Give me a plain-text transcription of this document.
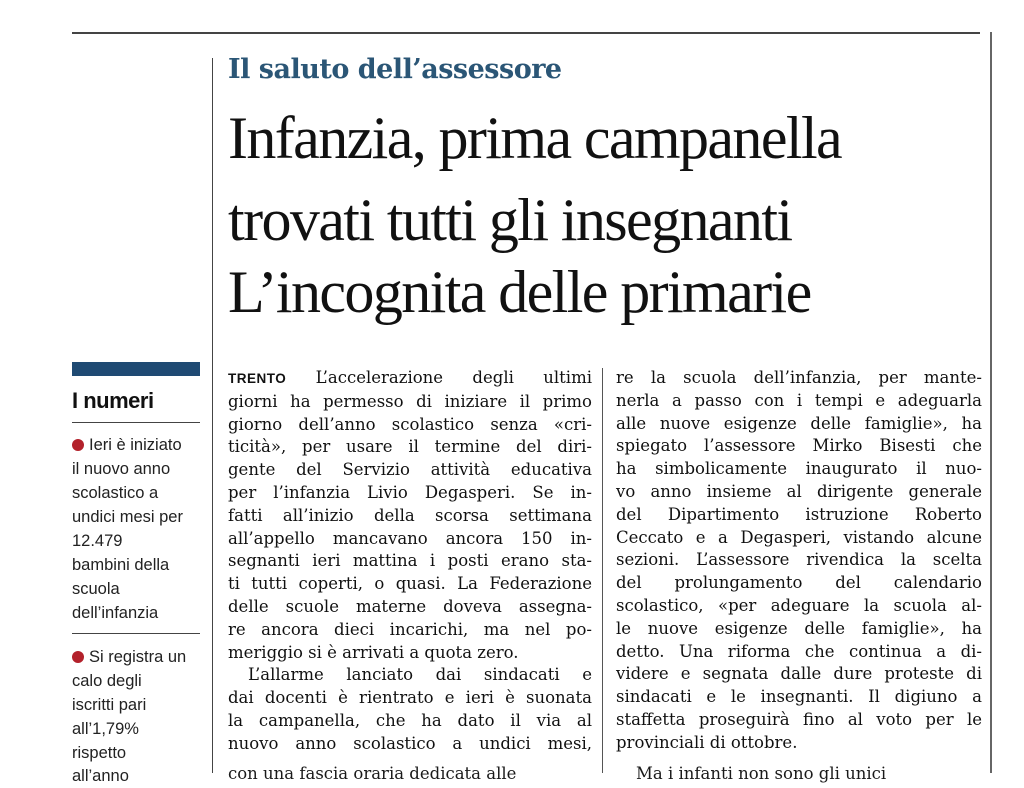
I numeri
Ieri è iniziato
il nuovo anno
scolastico a
undici mesi per
12.479
bambini della
scuola
dell’infanzia
Si registra un
calo degli
iscritti pari
all’1,79%
rispetto
all’anno
Il saluto dell’assessore
Infanzia, prima campanella
trovati tutti gli insegnanti
L’incognita delle primarie
TRENTO L’accelerazione degli ultimi
giorni ha permesso di iniziare il primo
giorno dell’anno scolastico senza «cri-
ticità», per usare il termine del diri-
gente del Servizio attività educativa
per l’infanzia Livio Degasperi. Se in-
fatti all’inizio della scorsa settimana
all’appello mancavano ancora 150 in-
segnanti ieri mattina i posti erano sta-
ti tutti coperti, o quasi. La Federazione
delle scuole materne doveva assegna-
re ancora dieci incarichi, ma nel po-
meriggio si è arrivati a quota zero.
L’allarme lanciato dai sindacati e
dai docenti è rientrato e ieri è suonata
la campanella, che ha dato il via al
nuovo anno scolastico a undici mesi,
con una fascia oraria dedicata alle
re la scuola dell’infanzia, per mante-
nerla a passo con i tempi e adeguarla
alle nuove esigenze delle famiglie», ha
spiegato l’assessore Mirko Bisesti che
ha simbolicamente inaugurato il nuo-
vo anno insieme al dirigente generale
del Dipartimento istruzione Roberto
Ceccato e a Degasperi, vistando alcune
sezioni. L’assessore rivendica la scelta
del prolungamento del calendario
scolastico, «per adeguare la scuola al-
le nuove esigenze delle famiglie», ha
detto. Una riforma che continua a di-
videre e segnata dalle dure proteste di
sindacati e le insegnanti. Il digiuno a
staffetta proseguirà fino al voto per le
provinciali di ottobre.
Ma i infanti non sono gli unici
